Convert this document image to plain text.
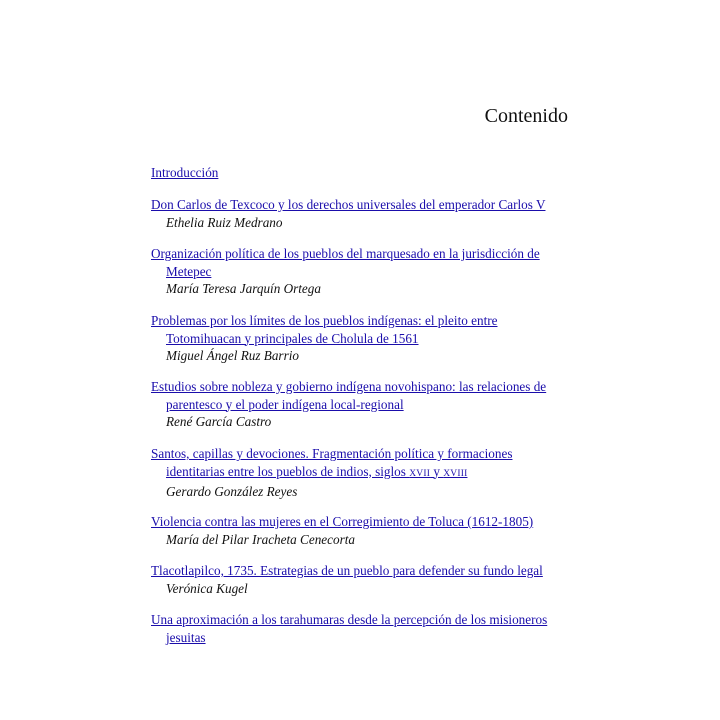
Contenido
Introducción
Don Carlos de Texcoco y los derechos universales del emperador Carlos V
Ethelia Ruiz Medrano
Organización política de los pueblos del marquesado en la jurisdicción de Metepec
María Teresa Jarquín Ortega
Problemas por los límites de los pueblos indígenas: el pleito entre Totomihuacan y principales de Cholula de 1561
Miguel Ángel Ruz Barrio
Estudios sobre nobleza y gobierno indígena novohispano: las relaciones de parentesco y el poder indígena local-regional
René García Castro
Santos, capillas y devociones. Fragmentación política y formaciones identitarias entre los pueblos de indios, siglos XVII y XVIII
Gerardo González Reyes
Violencia contra las mujeres en el Corregimiento de Toluca (1612-1805)
María del Pilar Iracheta Cenecorta
Tlacotlapilco, 1735. Estrategias de un pueblo para defender su fundo legal
Verónica Kugel
Una aproximación a los tarahumaras desde la percepción de los misioneros jesuitas
